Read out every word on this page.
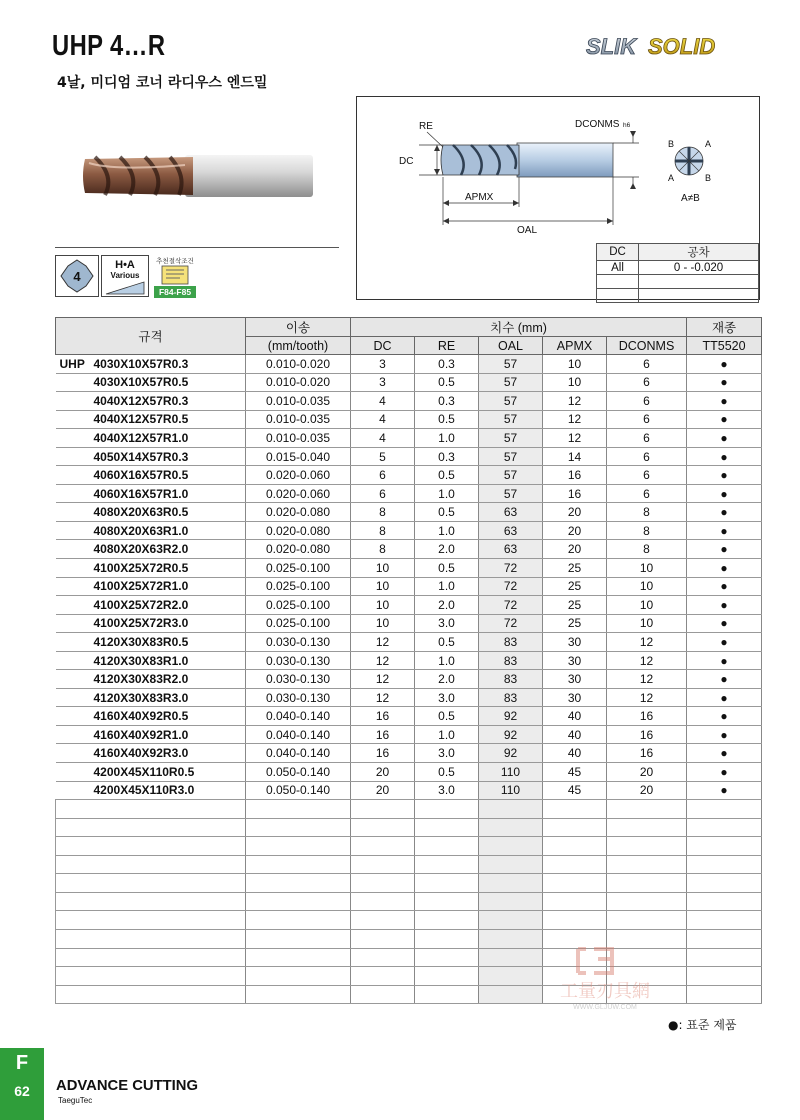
UHP 4…R
4날, 미디엄 코너 라디우스 엔드밀
SLIK SOLID
4
H•A
Various
추천절삭조건
F84-F85
RE	DCONMS h6
DC
APMX
OAL
B	A
A	B
A≠B
DC	공차
All	0 - -0.020

규격	이송	치수 (mm)					재종
	(mm/tooth)	DC	RE	OAL	APMX	DCONMS	TT5520
UHP 4030X10X57R0.3	0.010-0.020	3	0.3	57	10	6	●
4030X10X57R0.5	0.010-0.020	3	0.5	57	10	6	●
4040X12X57R0.3	0.010-0.035	4	0.3	57	12	6	●
4040X12X57R0.5	0.010-0.035	4	0.5	57	12	6	●
4040X12X57R1.0	0.010-0.035	4	1.0	57	12	6	●
4050X14X57R0.3	0.015-0.040	5	0.3	57	14	6	●
4060X16X57R0.5	0.020-0.060	6	0.5	57	16	6	●
4060X16X57R1.0	0.020-0.060	6	1.0	57	16	6	●
4080X20X63R0.5	0.020-0.080	8	0.5	63	20	8	●
4080X20X63R1.0	0.020-0.080	8	1.0	63	20	8	●
4080X20X63R2.0	0.020-0.080	8	2.0	63	20	8	●
4100X25X72R0.5	0.025-0.100	10	0.5	72	25	10	●
4100X25X72R1.0	0.025-0.100	10	1.0	72	25	10	●
4100X25X72R2.0	0.025-0.100	10	2.0	72	25	10	●
4100X25X72R3.0	0.025-0.100	10	3.0	72	25	10	●
4120X30X83R0.5	0.030-0.130	12	0.5	83	30	12	●
4120X30X83R1.0	0.030-0.130	12	1.0	83	30	12	●
4120X30X83R2.0	0.030-0.130	12	2.0	83	30	12	●
4120X30X83R3.0	0.030-0.130	12	3.0	83	30	12	●
4160X40X92R0.5	0.040-0.140	16	0.5	92	40	16	●
4160X40X92R1.0	0.040-0.140	16	1.0	92	40	16	●
4160X40X92R3.0	0.040-0.140	16	3.0	92	40	16	●
4200X45X110R0.5	0.050-0.140	20	0.5	110	45	20	●
4200X45X110R3.0	0.050-0.140	20	3.0	110	45	20	●

●: 표준 제품
工量刃具網
WWW.GLJUW.COM
F
62	ADVANCE CUTTING
TaeguTec
